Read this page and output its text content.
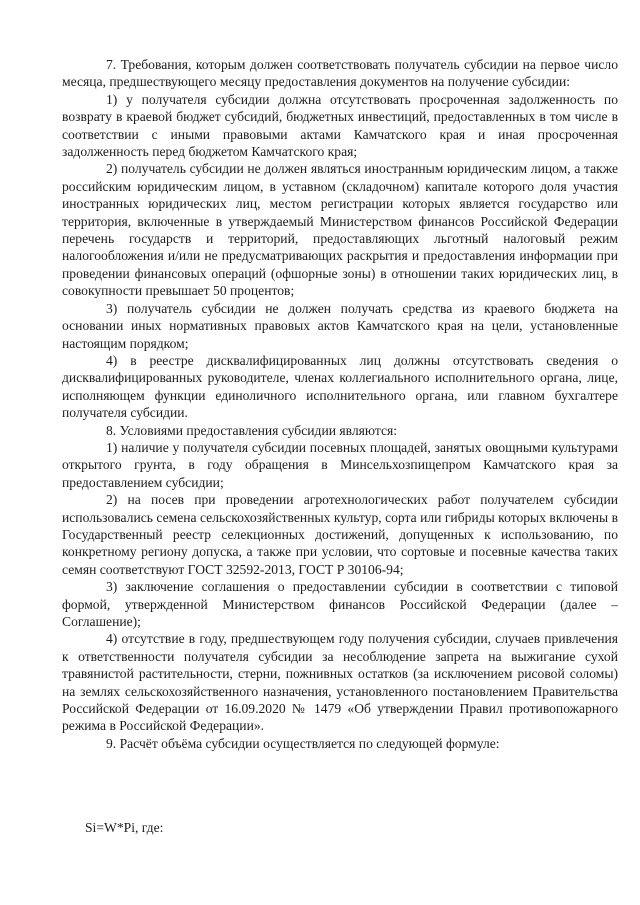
7. Требования, которым должен соответствовать получатель субсидии на первое число месяца, предшествующего месяцу предоставления документов на получение субсидии:

1) у получателя субсидии должна отсутствовать просроченная задолженность по возврату в краевой бюджет субсидий, бюджетных инвестиций, предоставленных в том числе в соответствии с иными правовыми актами Камчатского края и иная просроченная задолженность перед бюджетом Камчатского края;

2) получатель субсидии не должен являться иностранным юридическим лицом, а также российским юридическим лицом, в уставном (складочном) капитале которого доля участия иностранных юридических лиц, местом регистрации которых является государство или территория, включенные в утверждаемый Министерством финансов Российской Федерации перечень государств и территорий, предоставляющих льготный налоговый режим налогообложения и/или не предусматривающих раскрытия и предоставления информации при проведении финансовых операций (офшорные зоны) в отношении таких юридических лиц, в совокупности превышает 50 процентов;

3) получатель субсидии не должен получать средства из краевого бюджета на основании иных нормативных правовых актов Камчатского края на цели, установленные настоящим порядком;

4) в реестре дисквалифицированных лиц должны отсутствовать сведения о дисквалифицированных руководителе, членах коллегиального исполнительного органа, лице, исполняющем функции единоличного исполнительного органа, или главном бухгалтере получателя субсидии.

8. Условиями предоставления субсидии являются:

1) наличие у получателя субсидии посевных площадей, занятых овощными культурами открытого грунта, в году обращения в Минсельхозпищепром Камчатского края за предоставлением субсидии;

2) на посев при проведении агротехнологических работ получателем субсидии использовались семена сельскохозяйственных культур, сорта или гибриды которых включены в Государственный реестр селекционных достижений, допущенных к использованию, по конкретному региону допуска, а также при условии, что сортовые и посевные качества таких семян соответствуют ГОСТ 32592-2013, ГОСТ Р 30106-94;

3) заключение соглашения о предоставлении субсидии в соответствии с типовой формой, утвержденной Министерством финансов Российской Федерации (далее – Соглашение);

4) отсутствие в году, предшествующем году получения субсидии, случаев привлечения к ответственности получателя субсидии за несоблюдение запрета на выжигание сухой травянистой растительности, стерни, пожнивных остатков (за исключением рисовой соломы) на землях сельскохозяйственного назначения, установленного постановлением Правительства Российской Федерации от 16.09.2020 № 1479 «Об утверждении Правил противопожарного режима в Российской Федерации».

9. Расчёт объёма субсидии осуществляется по следующей формуле:

Si=W*Pi, где:
